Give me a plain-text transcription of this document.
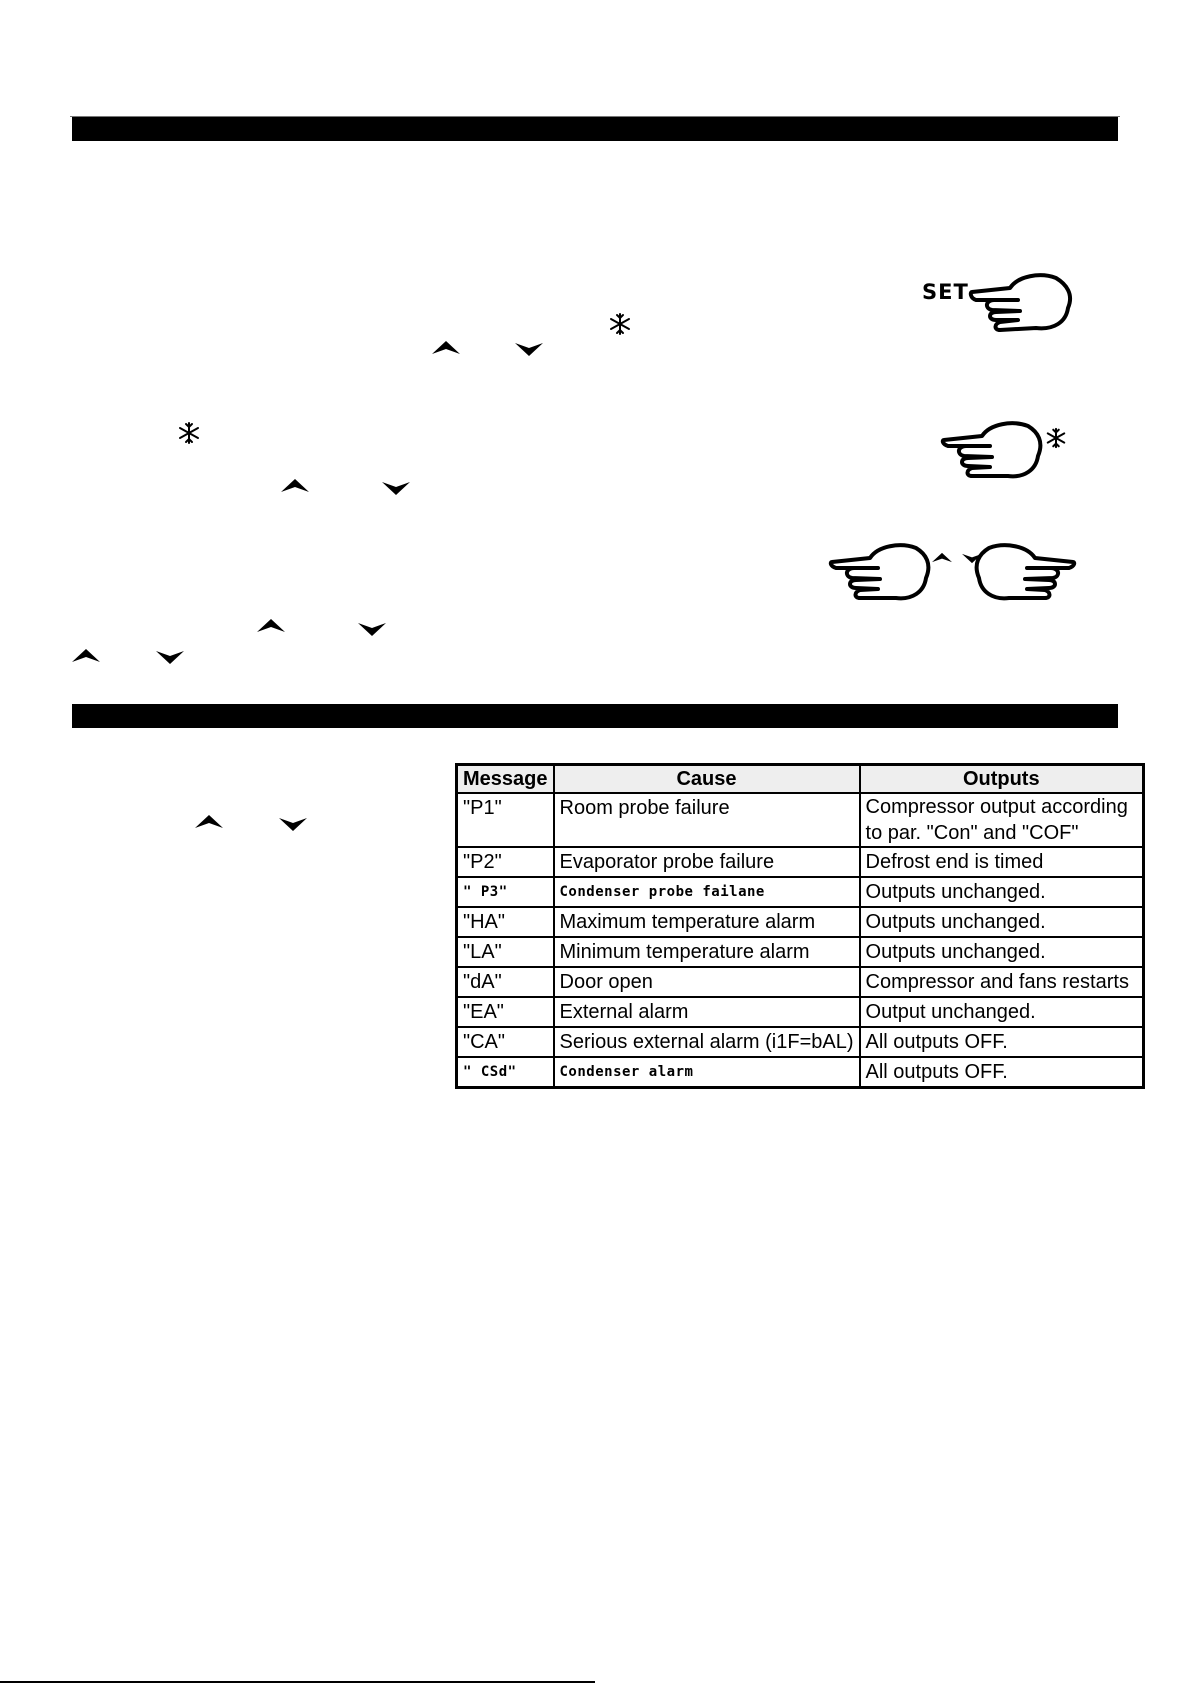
SET
Message	Cause	Outputs
"P1"	Room probe failure	Compressor output according to par. "Con" and "COF"
"P2"	Evaporator probe failure	Defrost end is timed
" P3"	Condenser probe failane	Outputs unchanged.
"HA"	Maximum temperature alarm	Outputs unchanged.
"LA"	Minimum temperature alarm	Outputs unchanged.
"dA"	Door open	Compressor and fans restarts
"EA"	External alarm	Output unchanged.
"CA"	Serious external alarm (i1F=bAL)	All outputs OFF.
" CSd"	Condenser alarm	All outputs OFF.
